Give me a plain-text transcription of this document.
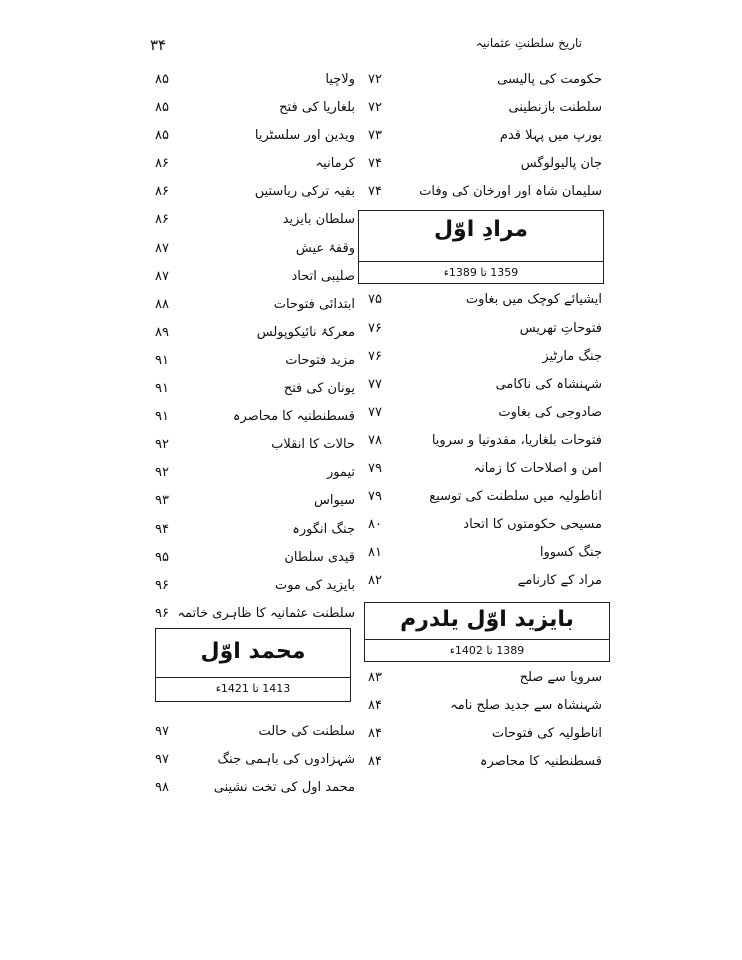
۳۴	تاریخ سلطنتِ عثمانیہ
حکومت کی پالیسی
۷۲
سلطنت بازنطینی
۷۲
یورپ میں پہلا قدم
۷۳
جان پالیولوگس
۷۴
سلیمان شاہ اور اورخان کی وفات
۷۴
مرادِ اوّل
1359 تا 1389ء
ایشیائے کوچک میں بغاوت
۷۵
فتوحاتِ تھریس
۷۶
جنگ مارٹیز
۷۶
شہنشاہ کی ناکامی
۷۷
صادوجی کی بغاوت
۷۷
فتوحات بلغاریا، مقدونیا و سرویا
۷۸
امن و اصلاحات کا زمانہ
۷۹
اناطولیہ میں سلطنت کی توسیع
۷۹
مسیحی حکومتوں کا اتحاد
۸۰
جنگ کسووا
۸۱
مراد کے کارنامے
۸۲
بایزید اوّل یلدرم
1389 تا 1402ء
سرویا سے صلح
۸۳
شہنشاہ سے جدید صلح نامہ
۸۴
اناطولیہ کی فتوحات
۸۴
قسطنطنیہ کا محاصرہ
۸۴
ولاچیا
۸۵
بلغاریا کی فتح
۸۵
ویدین اور سلسٹریا
۸۵
کرمانیہ
۸۶
بقیہ ترکی ریاستیں
۸۶
سلطان بایزید
۸۶
وقفۂ عیش
۸۷
صلیبی اتحاد
۸۷
ابتدائی فتوحات
۸۸
معرکۂ نائیکوپولس
۸۹
مزید فتوحات
۹۱
یونان کی فتح
۹۱
قسطنطنیہ کا محاصرہ
۹۱
حالات کا انقلاب
۹۲
تیمور
۹۲
سیواس
۹۳
جنگ انگورہ
۹۴
قیدی سلطان
۹۵
بایزید کی موت
۹۶
سلطنت عثمانیہ کا ظاہری خاتمہ
۹۶
محمد اوّل
1413 تا 1421ء
سلطنت کی حالت
۹۷
شہزادوں کی باہمی جنگ
۹۷
محمد اول کی تخت نشینی
۹۸
